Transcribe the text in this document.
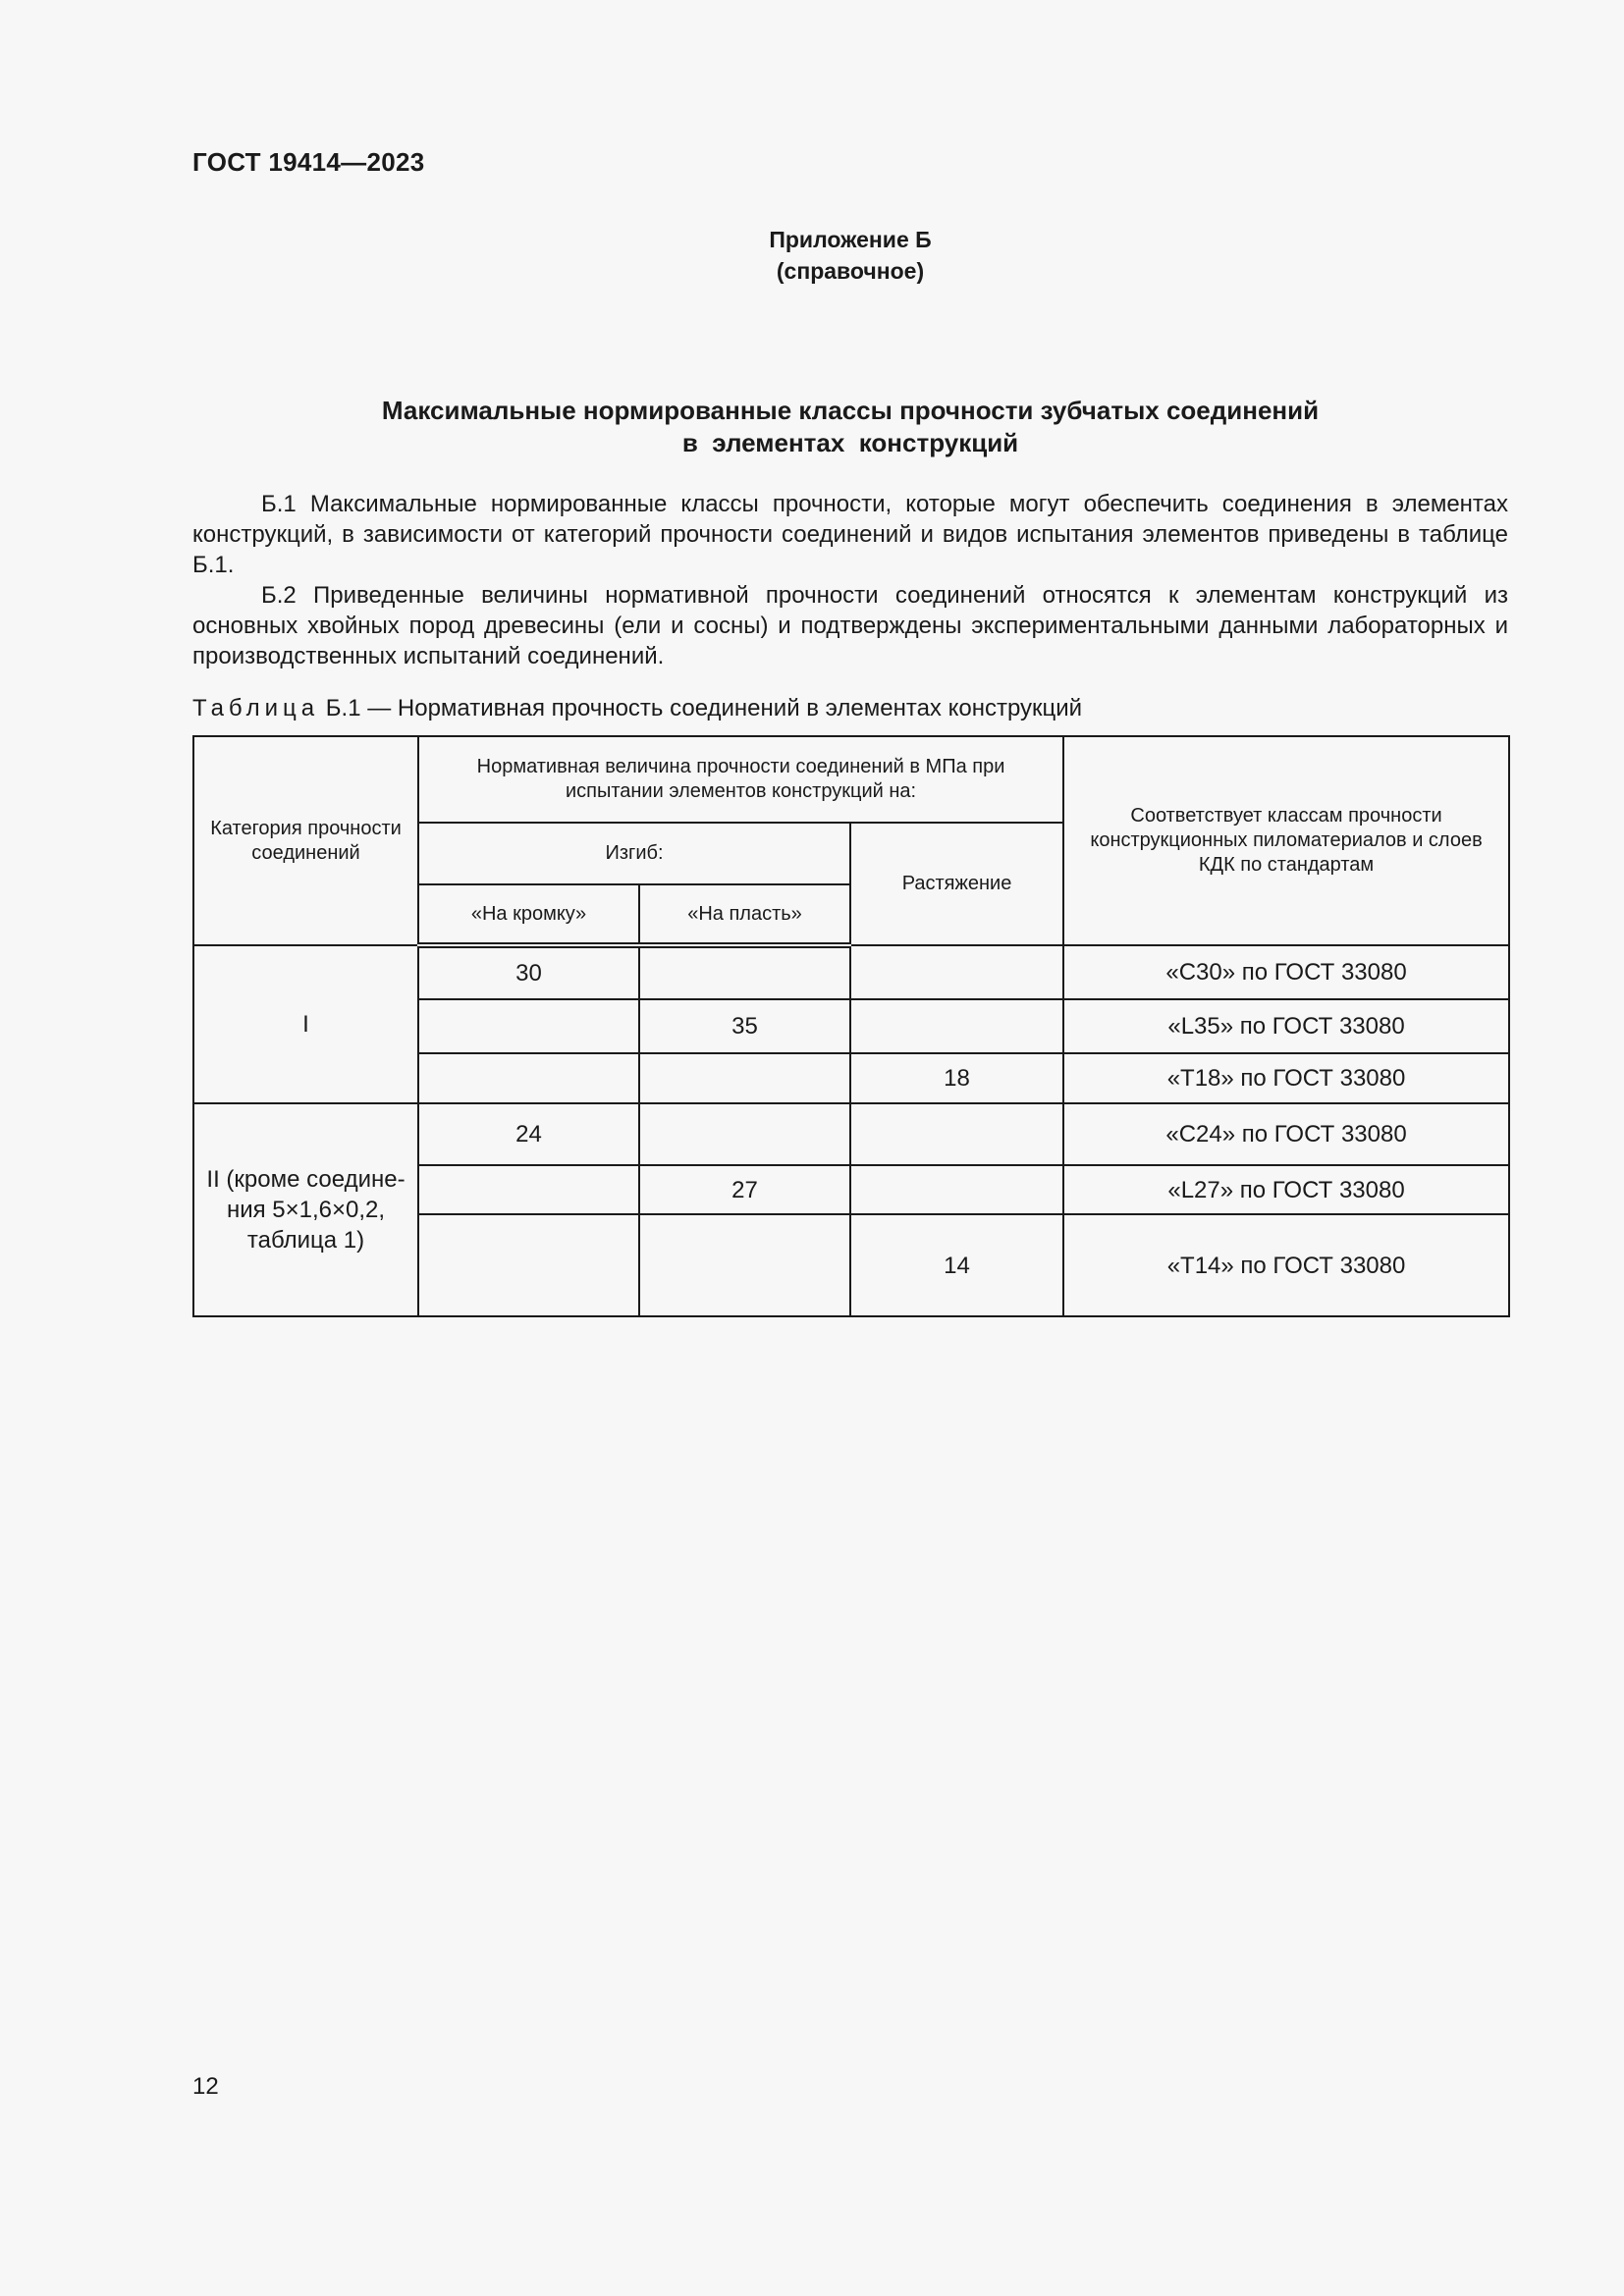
ГОСТ 19414—2023
Приложение Б
(справочное)
Максимальные нормированные классы прочности зубчатых соединений
в  элементах  конструкций

Б.1 Максимальные нормированные классы прочности, которые могут обеспечить соединения в элементах конструкций, в зависимости от категорий прочности соединений и видов испытания элементов приведены в таблице Б.1.

Б.2 Приведенные величины нормативной прочности соединений относятся к элементам конструкций из основных хвойных пород древесины (ели и сосны) и подтверждены экспериментальными данными лабораторных и производственных испытаний соединений.

Таблица Б.1 — Нормативная прочность соединений в элементах конструкций
Категория прочности соединений	Нормативная величина прочности соединений в МПа при испытании элементов конструкций на:			Соответствует классам прочности конструкционных пиломатериалов и слоев КДК по стандартам
	Изгиб:		Растяжение	
	«На кромку»	«На пласть»		
I	30			«С30» по ГОСТ 33080
		35		«L35» по ГОСТ 33080
			18	«Т18» по ГОСТ 33080
II (кроме соедине- ния 5×1,6×0,2, таблица 1)	24			«С24» по ГОСТ 33080
		27		«L27» по ГОСТ 33080
			14	«Т14» по ГОСТ 33080
12
